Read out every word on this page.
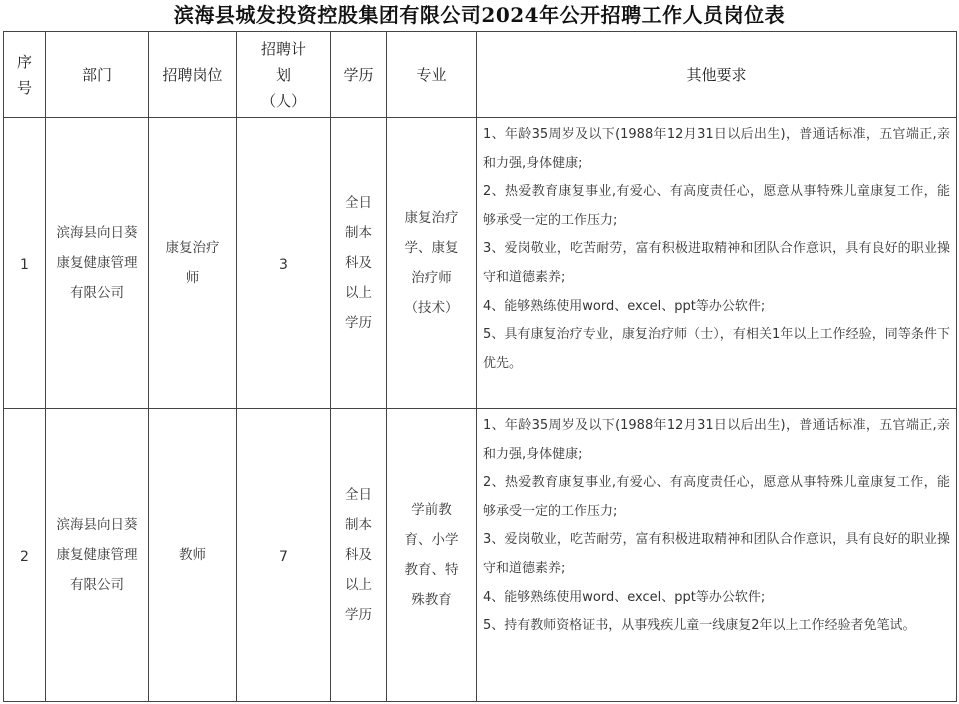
滨海县城发投资控股集团有限公司2024年公开招聘工作人员岗位表
序号	部门	招聘岗位	招聘计划（人）	学历	专业	其他要求
1	滨海县向日葵康复健康管理有限公司	康复治疗师	3	全日制本科及以上学历	康复治疗学、康复治疗师（技术）	1、年龄35周岁及以下(1988年12月31日以后出生)，普通话标准，五官端正,亲和力强,身体健康;
2、热爱教育康复事业,有爱心、有高度责任心，愿意从事特殊儿童康复工作，能够承受一定的工作压力;
3、爱岗敬业，吃苦耐劳，富有积极进取精神和团队合作意识，具有良好的职业操守和道德素养;
4、能够熟练使用word、excel、ppt等办公软件;
5、具有康复治疗专业，康复治疗师（士），有相关1年以上工作经验，同等条件下优先。

2	滨海县向日葵康复健康管理有限公司	教师	7	全日制本科及以上学历	学前教育、小学教育、特殊教育	1、年龄35周岁及以下(1988年12月31日以后出生)，普通话标准，五官端正,亲和力强,身体健康;
2、热爱教育康复事业,有爱心、有高度责任心，愿意从事特殊儿童康复工作，能够承受一定的工作压力;
3、爱岗敬业，吃苦耐劳，富有积极进取精神和团队合作意识，具有良好的职业操守和道德素养;
4、能够熟练使用word、excel、ppt等办公软件;
5、持有教师资格证书，从事残疾儿童一线康复2年以上工作经验者免笔试。
